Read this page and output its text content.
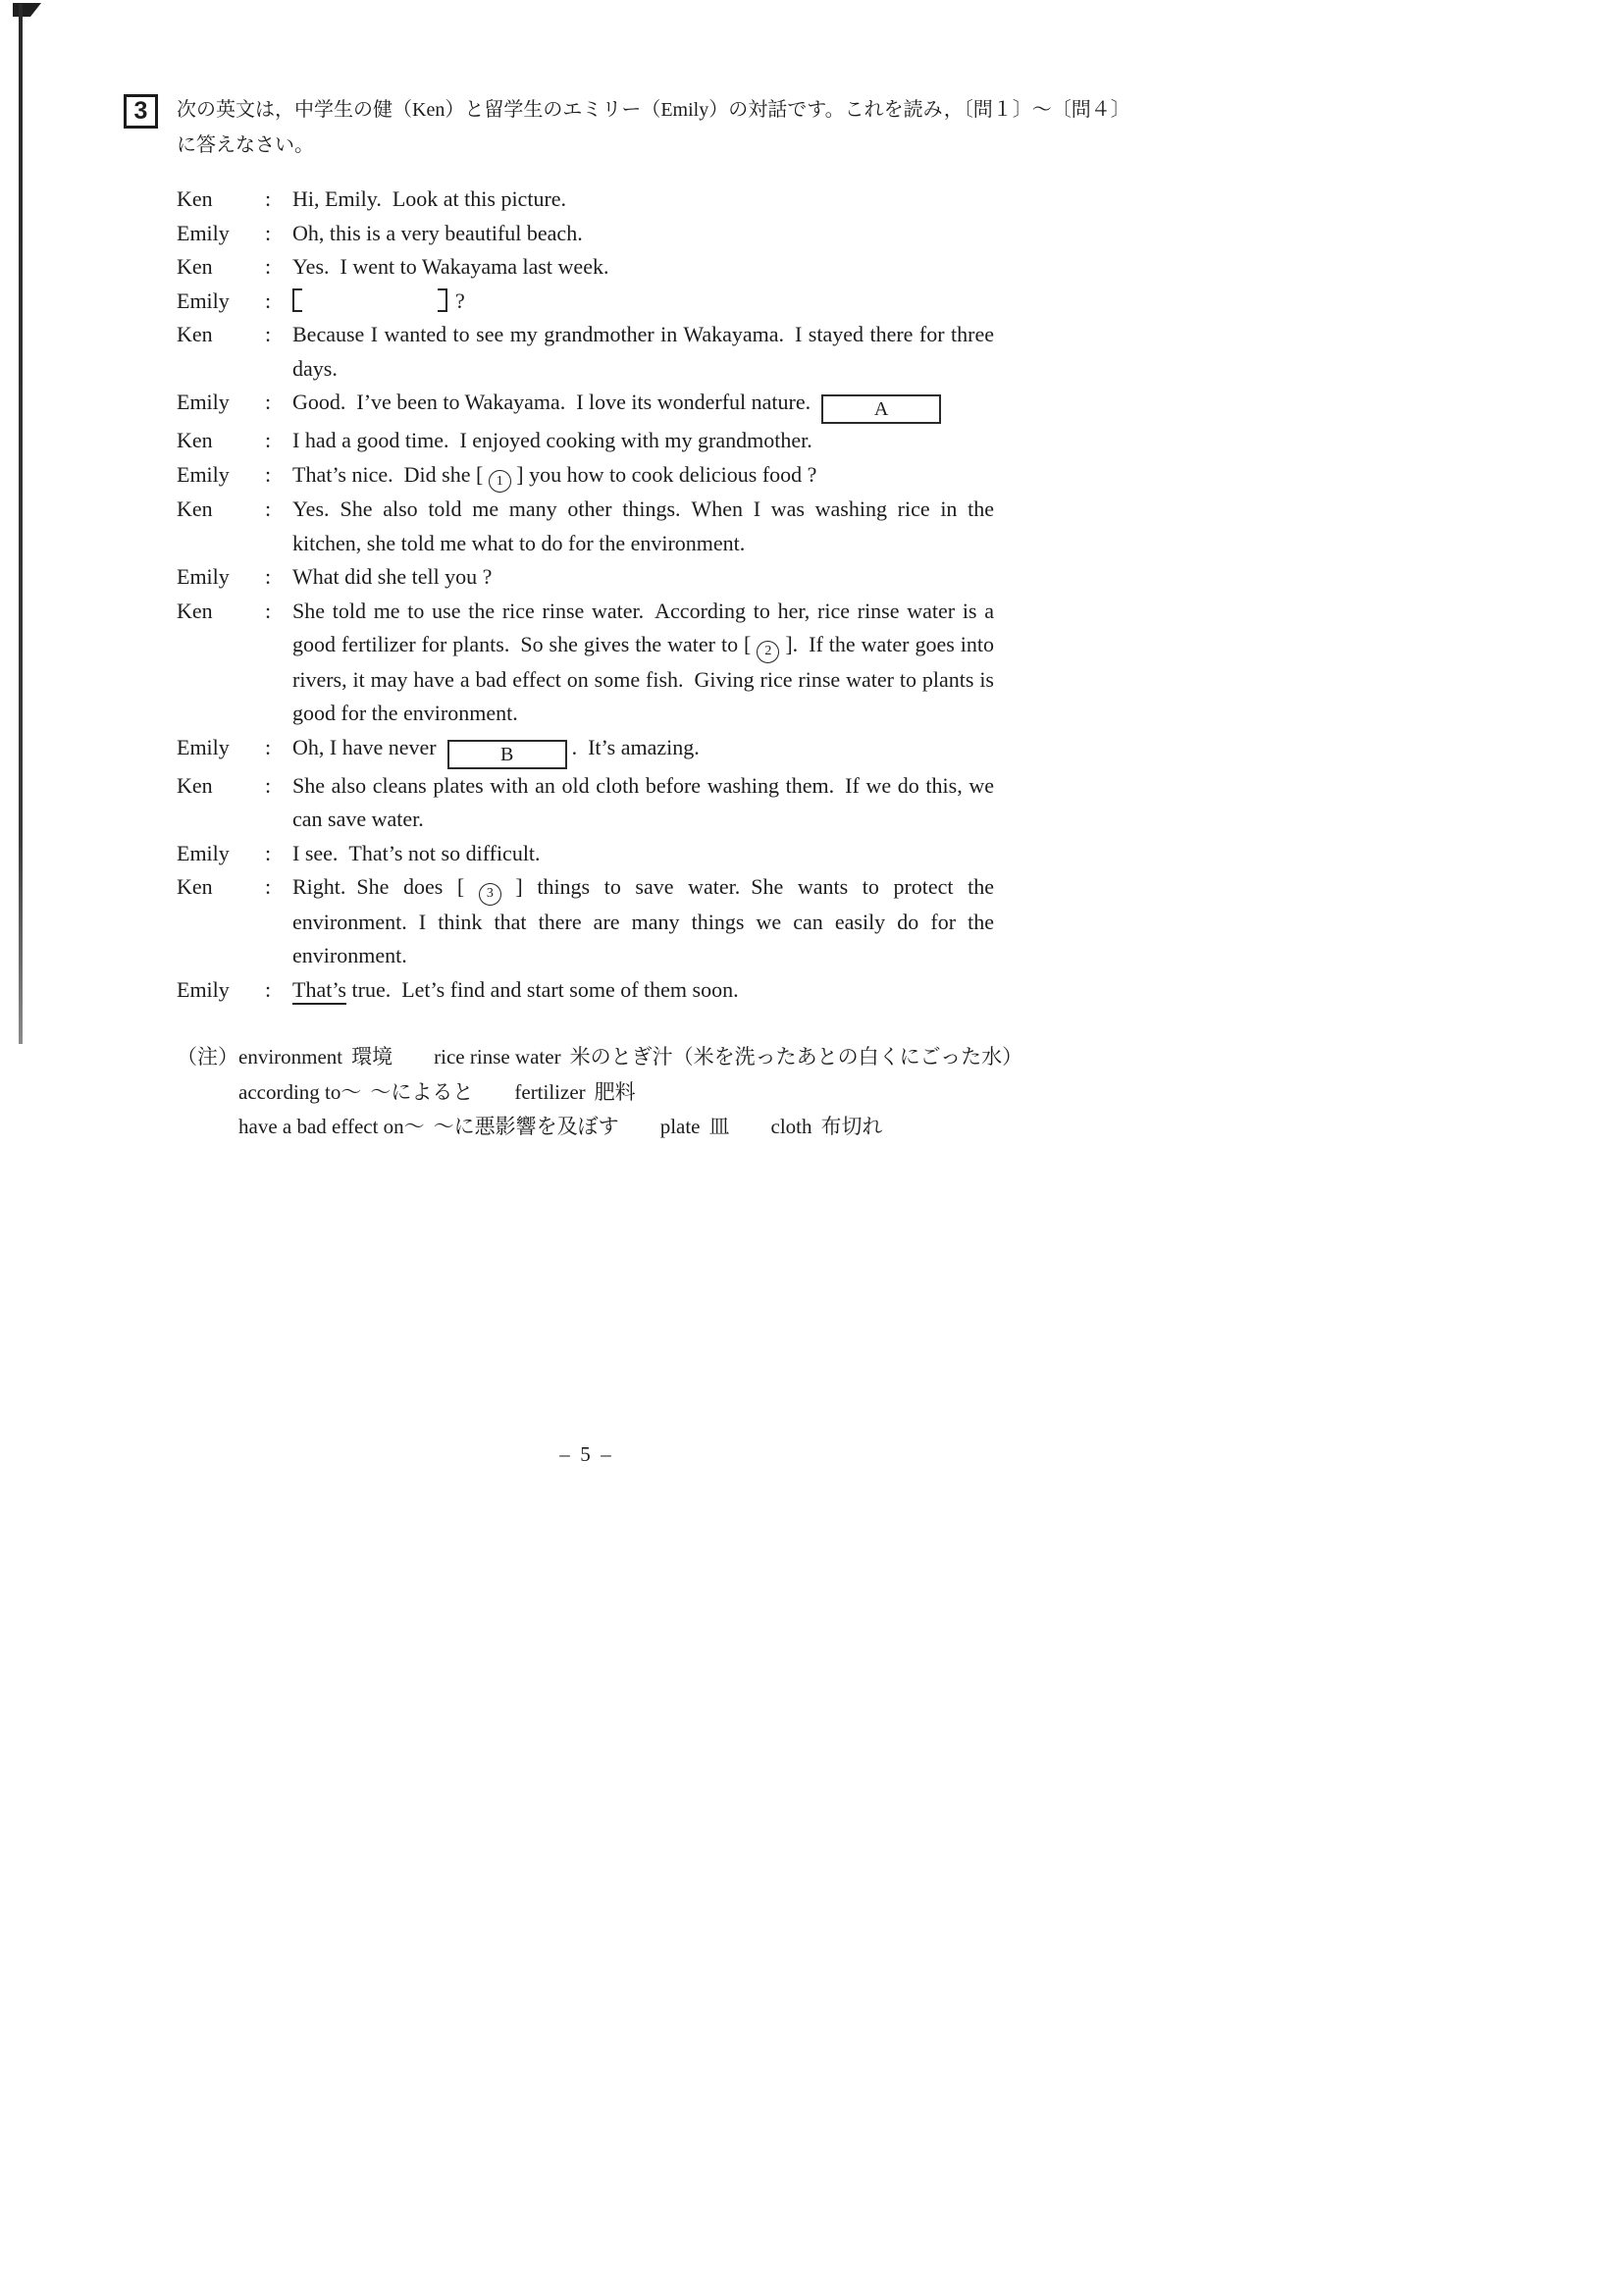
3	次の英文は，中学生の健（Ken）と留学生のエミリー（Emily）の対話です。これを読み，〔問１〕～〔問４〕
に答えなさい。
Ken	: Hi, Emily. Look at this picture.
Emily	: Oh, this is a very beautiful beach.
Ken	: Yes. I went to Wakayama last week.
Emily	:	?
Ken	: Because I wanted to see my grandmother in Wakayama. I stayed there for three days.
Emily	: Good. I’ve been to Wakayama. I love its wonderful nature.	A
Ken	: I had a good time. I enjoyed cooking with my grandmother.
Emily	: That’s nice. Did she [ 1 ] you how to cook delicious food ?
Ken	: Yes. She also told me many other things. When I was washing rice in the kitchen, she told me what to do for the environment.
Emily	: What did she tell you ?
Ken	: She told me to use the rice rinse water. According to her, rice rinse water is a good fertilizer for plants. So she gives the water to [ 2 ]. If the water goes into rivers, it may have a bad effect on some fish. Giving rice rinse water to plants is good for the environment.
Emily	: Oh, I have never	B	. It’s amazing.
Ken	: She also cleans plates with an old cloth before washing them. If we do this, we can save water.
Emily	: I see. That’s not so difficult.
Ken	: Right. She does [ 3 ] things to save water. She wants to protect the environment. I think that there are many things we can easily do for the environment.
Emily	: That’s true. Let’s find and start some of them soon.
（注） environment 環境 rice rinse water 米のとぎ汁（米を洗ったあとの白くにごった水）
according to～ ～によると fertilizer 肥料
have a bad effect on～ ～に悪影響を及ぼす plate 皿 cloth 布切れ
– 5 –
